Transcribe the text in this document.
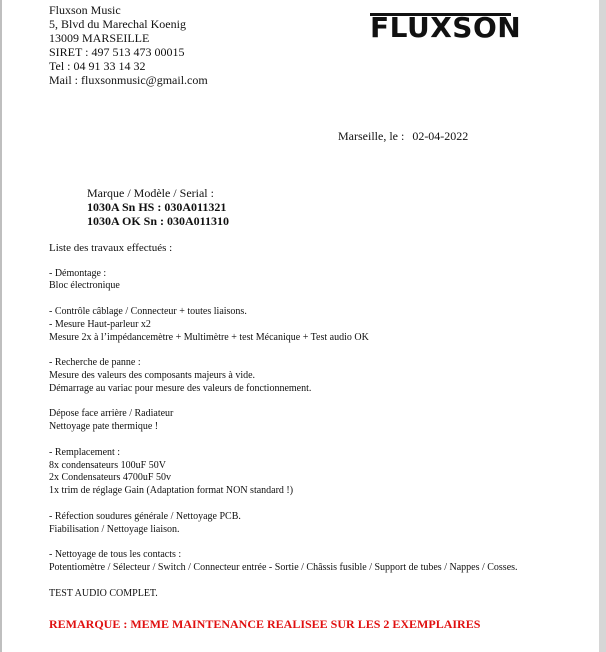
Fluxson Music
5, Blvd du Marechal Koenig
13009 MARSEILLE
SIRET : 497 513 473 00015
Tel : 04 91 33 14 32
Mail : fluxsonmusic@gmail.com
FLUXSON
Marseille, le : 02-04-2022
Marque / Modèle / Serial :
1030A Sn HS : 030A011321
1030A OK Sn : 030A011310
Liste des travaux effectués :
- Démontage :
Bloc électronique
- Contrôle câblage / Connecteur + toutes liaisons.
- Mesure Haut-parleur x2
Mesure 2x à l’impédancemètre + Multimètre + test Mécanique + Test audio OK
- Recherche de panne :
Mesure des valeurs des composants majeurs à vide.
Démarrage au variac pour mesure des valeurs de fonctionnement.
Dépose face arrière / Radiateur
Nettoyage pate thermique !
- Remplacement :
8x condensateurs 100uF 50V
2x Condensateurs 4700uF 50v
1x trim de réglage Gain (Adaptation format NON standard !)
- Réfection soudures générale / Nettoyage PCB.
Fiabilisation / Nettoyage liaison.
- Nettoyage de tous les contacts :
Potentiomètre / Sélecteur / Switch / Connecteur entrée - Sortie / Châssis fusible / Support de tubes / Nappes / Cosses.
TEST AUDIO COMPLET.
REMARQUE : MEME MAINTENANCE REALISEE SUR LES 2 EXEMPLAIRES
